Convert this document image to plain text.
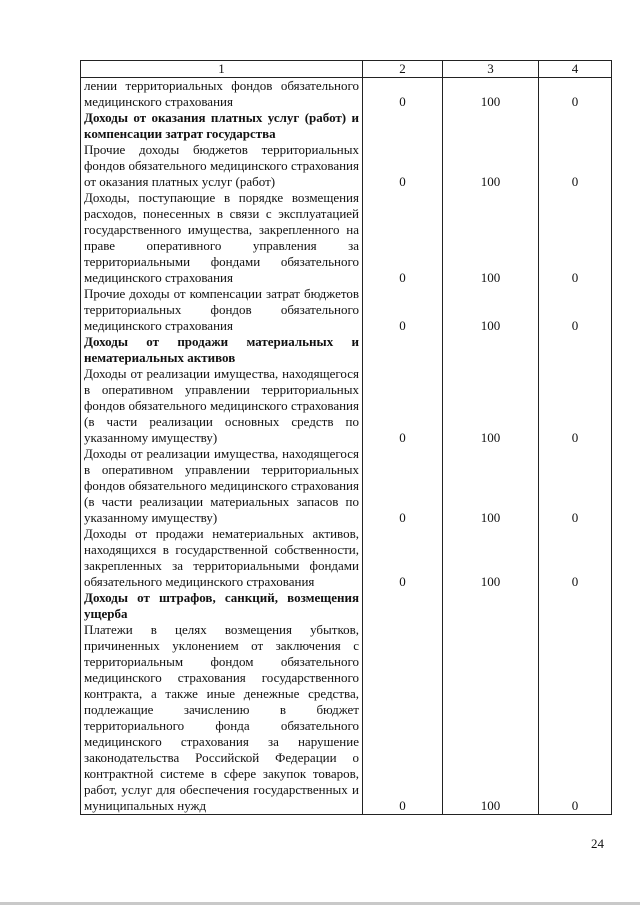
1	2	3	4
лении территориальных фондов обязательного медицинского страхования	0	100	0
Доходы от оказания платных услуг (работ) и компенсации затрат государства			
Прочие доходы бюджетов территориальных фондов обязательного медицинского страхования от оказания платных услуг (работ)	0	100	0
Доходы, поступающие в порядке возмещения расходов, понесенных в связи с эксплуатацией государственного имущества, закрепленного на праве оперативного управления за территориальными фондами обязательного медицинского страхования	0	100	0
Прочие доходы от компенсации затрат бюджетов территориальных фондов обязательного медицинского страхования	0	100	0
Доходы от продажи материальных и нематериальных активов			
Доходы от реализации имущества, находящегося в оперативном управлении территориальных фондов обязательного медицинского страхования (в части реализации основных средств по указанному имуществу)	0	100	0
Доходы от реализации имущества, находящегося в оперативном управлении территориальных фондов обязательного медицинского страхования (в части реализации материальных запасов по указанному имуществу)	0	100	0
Доходы от продажи нематериальных активов, находящихся в государственной собственности, закрепленных за территориальными фондами обязательного медицинского страхования	0	100	0
Доходы от штрафов, санкций, возмещения ущерба			
Платежи в целях возмещения убытков, причиненных уклонением от заключения с территориальным фондом обязательного медицинского страхования государственного контракта, а также иные денежные средства, подлежащие зачислению в бюджет территориального фонда обязательного медицинского страхования за нарушение законодательства Российской Федерации о контрактной системе в сфере закупок товаров, работ, услуг для обеспечения государственных и муниципальных нужд	0	100	0
24
